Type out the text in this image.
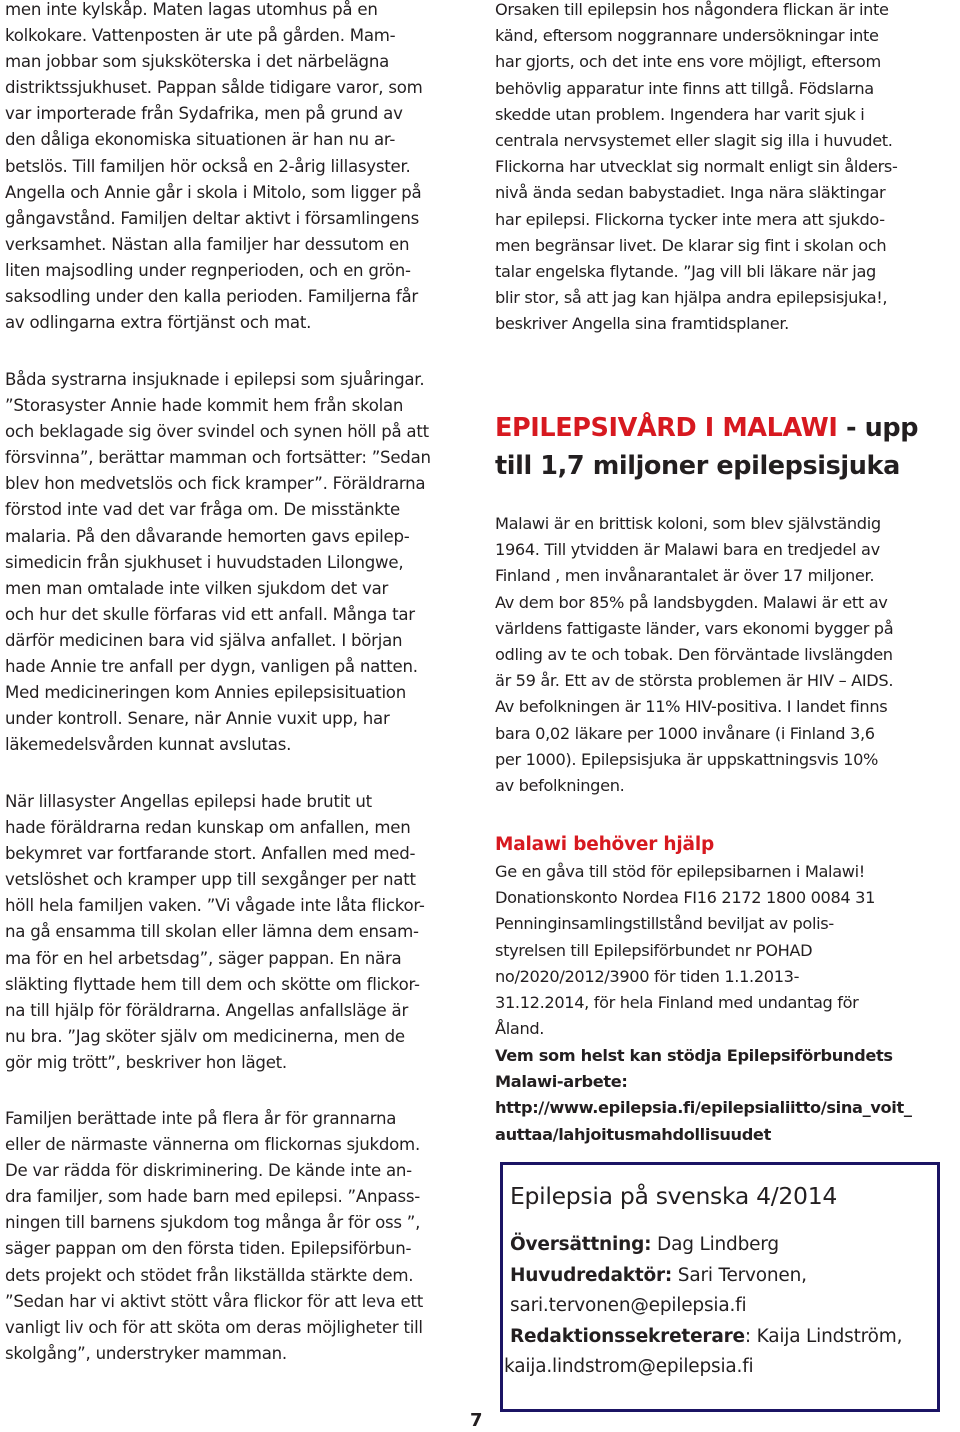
men inte kylskåp. Maten lagas utomhus på en
kolkokare. Vattenposten är ute på gården. Mam-
man jobbar som sjuksköterska i det närbelägna
distriktssjukhuset. Pappan sålde tidigare varor, som
var importerade från Sydafrika, men på grund av
den dåliga ekonomiska situationen är han nu ar-
betslös. Till familjen hör också en 2-årig lillasyster.
Angella och Annie går i skola i Mitolo, som ligger på
gångavstånd. Familjen deltar aktivt i församlingens
verksamhet. Nästan alla familjer har dessutom en
liten majsodling under regnperioden, och en grön-
saksodling under den kalla perioden. Familjerna får
av odlingarna extra förtjänst och mat.
Båda systrarna insjuknade i epilepsi som sjuåringar.
”Storasyster Annie hade kommit hem från skolan
och beklagade sig över svindel och synen höll på att
försvinna”, berättar mamman och fortsätter: ”Sedan
blev hon medvetslös och fick kramper”. Föräldrarna
förstod inte vad det var fråga om. De misstänkte
malaria. På den dåvarande hemorten gavs epilep-
simedicin från sjukhuset i huvudstaden Lilongwe,
men man omtalade inte vilken sjukdom det var
och hur det skulle förfaras vid ett anfall. Många tar
därför medicinen bara vid själva anfallet. I början
hade Annie tre anfall per dygn, vanligen på natten.
Med medicineringen kom Annies epilepsisituation
under kontroll. Senare, när Annie vuxit upp, har
läkemedelsvården kunnat avslutas.
När lillasyster Angellas epilepsi hade brutit ut
hade föräldrarna redan kunskap om anfallen, men
bekymret var fortfarande stort. Anfallen med med-
vetslöshet och kramper upp till sexgånger per natt
höll hela familjen vaken. ”Vi vågade inte låta flickor-
na gå ensamma till skolan eller lämna dem ensam-
ma för en hel arbetsdag”, säger pappan. En nära
släkting flyttade hem till dem och skötte om flickor-
na till hjälp för föräldrarna. Angellas anfallsläge är
nu bra. ”Jag sköter själv om medicinerna, men de
gör mig trött”, beskriver hon läget.
Familjen berättade inte på flera år för grannarna
eller de närmaste vännerna om flickornas sjukdom.
De var rädda för diskriminering. De kände inte an-
dra familjer, som hade barn med epilepsi. ”Anpass-
ningen till barnens sjukdom tog många år för oss ”,
säger pappan om den första tiden. Epilepsiförbun-
dets projekt och stödet från likställda stärkte dem.
”Sedan har vi aktivt stött våra flickor för att leva ett
vanligt liv och för att sköta om deras möjligheter till
skolgång”, understryker mamman.
Orsaken till epilepsin hos någondera flickan är inte
känd, eftersom noggrannare undersökningar inte
har gjorts, och det inte ens vore möjligt, eftersom
behövlig apparatur inte finns att tillgå. Födslarna
skedde utan problem. Ingendera har varit sjuk i
centrala nervsystemet eller slagit sig illa i huvudet.
Flickorna har utvecklat sig normalt enligt sin ålders-
nivå ända sedan babystadiet. Inga nära släktingar
har epilepsi. Flickorna tycker inte mera att sjukdo-
men begränsar livet. De klarar sig fint i skolan och
talar engelska flytande. ”Jag vill bli läkare när jag
blir stor, så att jag kan hjälpa andra epilepsisjuka!,
beskriver Angella sina framtidsplaner.
EPILEPSIVÅRD I MALAWI - upp
till 1,7 miljoner epilepsisjuka
Malawi är en brittisk koloni, som blev självständig
1964. Till ytvidden är Malawi bara en tredjedel av
Finland , men invånarantalet är över 17 miljoner.
Av dem bor 85% på landsbygden. Malawi är ett av
världens fattigaste länder, vars ekonomi bygger på
odling av te och tobak. Den förväntade livslängden
är 59 år. Ett av de största problemen är HIV – AIDS.
Av befolkningen är 11% HIV-positiva. I landet finns
bara 0,02 läkare per 1000 invånare (i Finland 3,6
per 1000). Epilepsisjuka är uppskattningsvis 10%
av befolkningen.
Malawi behöver hjälp
Ge en gåva till stöd för epilepsibarnen i Malawi!
Donationskonto Nordea FI16 2172 1800 0084 31
Penninginsamlingstillstånd beviljat av polis-
styrelsen till Epilepsiförbundet nr POHAD
no/2020/2012/3900 för tiden 1.1.2013-
31.12.2014, för hela Finland med undantag för
Åland.
Vem som helst kan stödja Epilepsiförbundets
Malawi-arbete:
http://www.epilepsia.fi/epilepsialiitto/sina_voit_
auttaa/lahjoitusmahdollisuudet
Epilepsia på svenska 4/2014
Översättning: Dag Lindberg
Huvudredaktör: Sari Tervonen,
sari.tervonen@epilepsia.fi
Redaktionssekreterare: Kaija Lindström,
kaija.lindstrom@epilepsia.fi
7
